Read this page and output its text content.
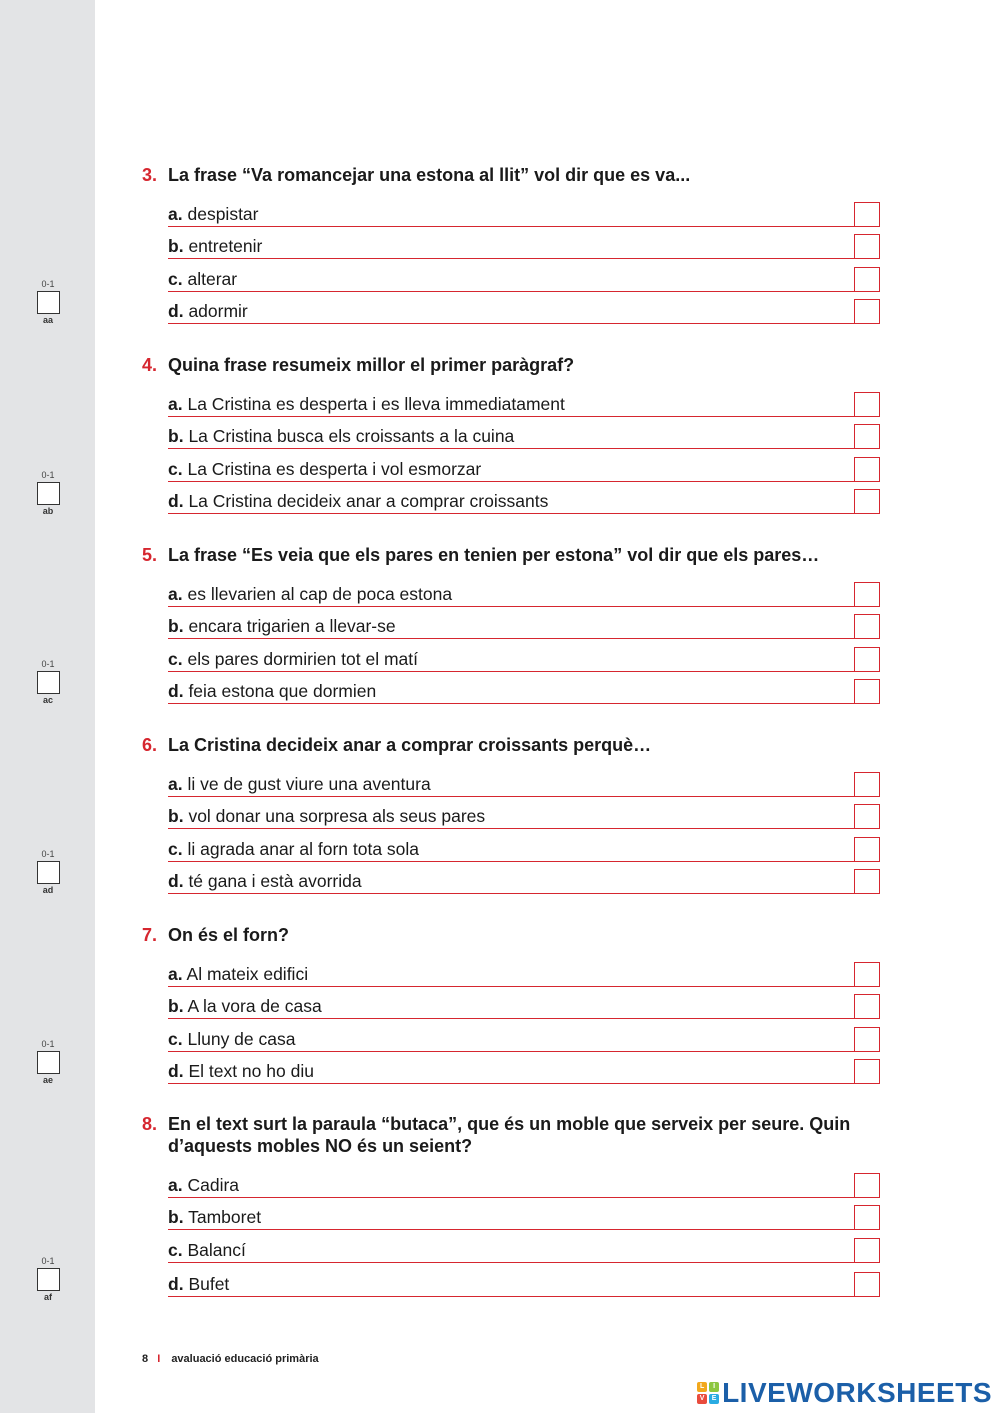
0-1
aa
0-1
ab
0-1
ac
0-1
ad
0-1
ae
0-1
af
3. La frase “Va romancejar una estona al llit” vol dir que es va...
a. despistar
b. entretenir
c. alterar
d. adormir
4. Quina frase resumeix millor el primer paràgraf?
a. La Cristina es desperta i es lleva immediatament
b. La Cristina busca els croissants a la cuina
c. La Cristina es desperta i vol esmorzar
d. La Cristina decideix anar a comprar croissants
5. La frase “Es veia que els pares en tenien per estona” vol dir que els pares…
a. es llevarien al cap de poca estona
b. encara trigarien a llevar-se
c. els pares dormirien tot el matí
d. feia estona que dormien
6. La Cristina decideix anar a comprar croissants perquè…
a. li ve de gust viure una aventura
b. vol donar una sorpresa als seus pares
c. li agrada anar al forn tota sola
d. té gana i està avorrida
7. On és el forn?
a. Al mateix edifici
b. A la vora de casa
c. Lluny de casa
d. El text no ho diu
8. En el text surt la paraula “butaca”, que és un moble que serveix per seure. Quin d’aquests mobles NO és un seient?
a. Cadira
b. Tamboret
c. Balancí
d. Bufet
8 I avaluació educació primària
L	I
V	E LIVEWORKSHEETS
